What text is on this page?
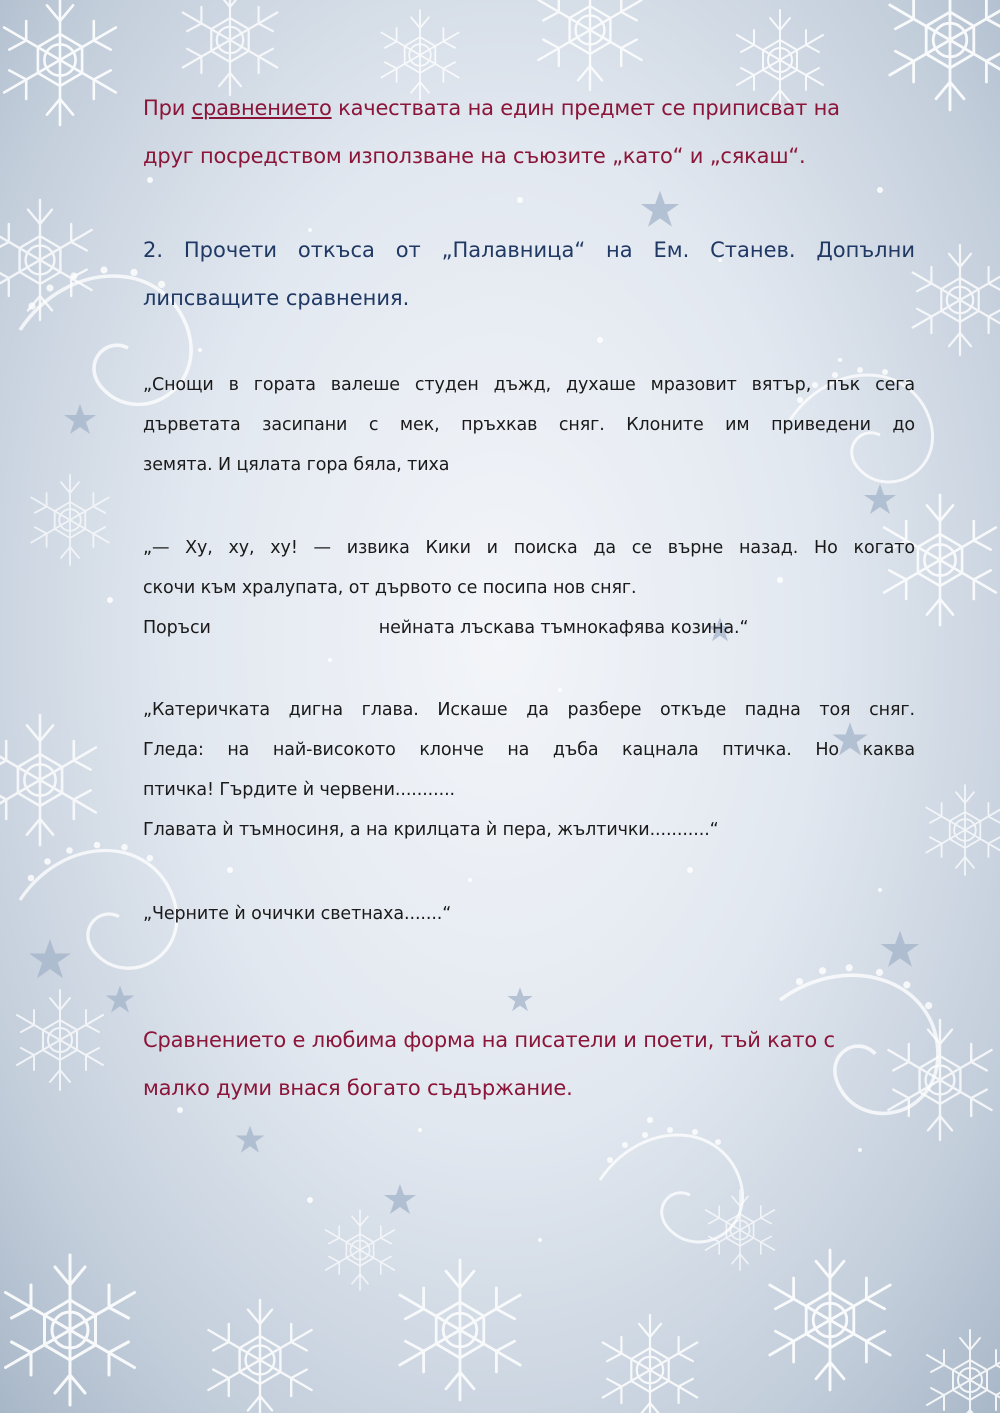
При сравнението качествата на един предмет се приписват на
друг посредством използване на съюзите „като“ и „сякаш“.

2. Прочети откъса от „Палавница“ на Ем. Станев. Допълни
липсващите сравнения.

„Снощи в гората валеше студен дъжд, духаше мразовит вятър, пък сега
дърветата засипани с мек, пръхкав сняг. Клоните им приведени до
земята. И цялата гора бяла, тиха

„— Ху, ху, ху! — извика Кики и поиска да се върне назад. Но когато
скочи към хралупата, от дървото се посипа нов сняг.
Поръси	нейната лъскава тъмнокафява козина.“

„Катеричката дигна глава. Искаше да разбере откъде падна тоя сняг.
Гледа: на най-високото клонче на дъба кацнала птичка. Но каква
птичка! Гърдите ѝ червени...........
Главата ѝ тъмносиня, а на крилцата ѝ пера, жълтички...........“

„Черните ѝ очички светнаха.......“

Сравнението е любима форма на писатели и поети, тъй като с
малко думи внася богато съдържание.
